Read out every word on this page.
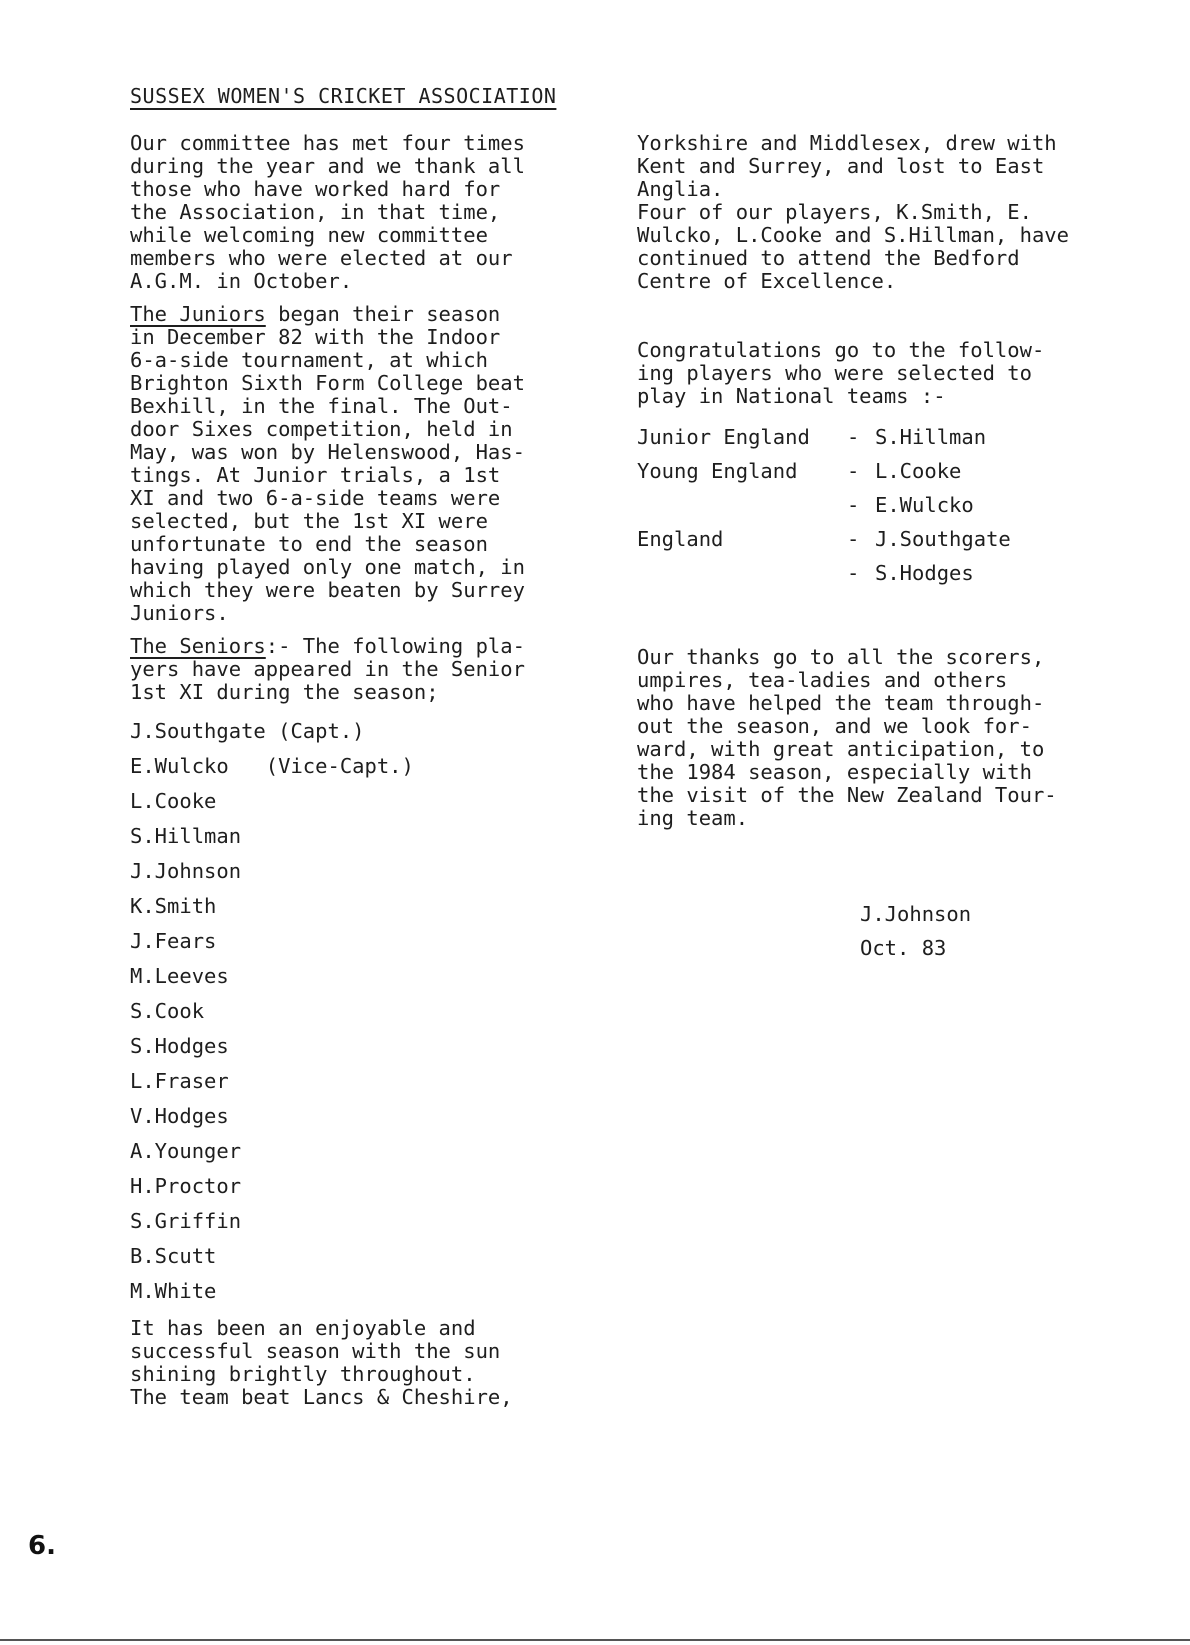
SUSSEX WOMEN'S CRICKET ASSOCIATION

Our committee has met four times
during the year and we thank all
those who have worked hard for
the Association, in that time,
while welcoming new committee
members who were elected at our
A.G.M. in October.

The Juniors began their season
in December 82 with the Indoor
6-a-side tournament, at which
Brighton Sixth Form College beat
Bexhill, in the final. The Out-
door Sixes competition, held in
May, was won by Helenswood, Has-
tings. At Junior trials, a 1st
XI and two 6-a-side teams were
selected, but the 1st XI were
unfortunate to end the season
having played only one match, in
which they were beaten by Surrey
Juniors.

The Seniors:- The following pla-
yers have appeared in the Senior
1st XI during the season;

J.Southgate (Capt.)
E.Wulcko   (Vice-Capt.)
L.Cooke
S.Hillman
J.Johnson
K.Smith
J.Fears
M.Leeves
S.Cook
S.Hodges
L.Fraser
V.Hodges
A.Younger
H.Proctor
S.Griffin
B.Scutt
M.White

It has been an enjoyable and
successful season with the sun
shining brightly throughout.
The team beat Lancs & Cheshire,

Yorkshire and Middlesex, drew with
Kent and Surrey, and lost to East
Anglia.
Four of our players, K.Smith, E.
Wulcko, L.Cooke and S.Hillman, have
continued to attend the Bedford
Centre of Excellence.

Congratulations go to the follow-
ing players who were selected to
play in National teams :-

Junior England	-	S.Hillman
Young England	-	L.Cooke
	-	E.Wulcko
England	-	J.Southgate
	-	S.Hodges

Our thanks go to all the scorers,
umpires, tea-ladies and others
who have helped the team through-
out the season, and we look for-
ward, with great anticipation, to
the 1984 season, especially with
the visit of the New Zealand Tour-
ing team.

J.Johnson
Oct. 83
6.
